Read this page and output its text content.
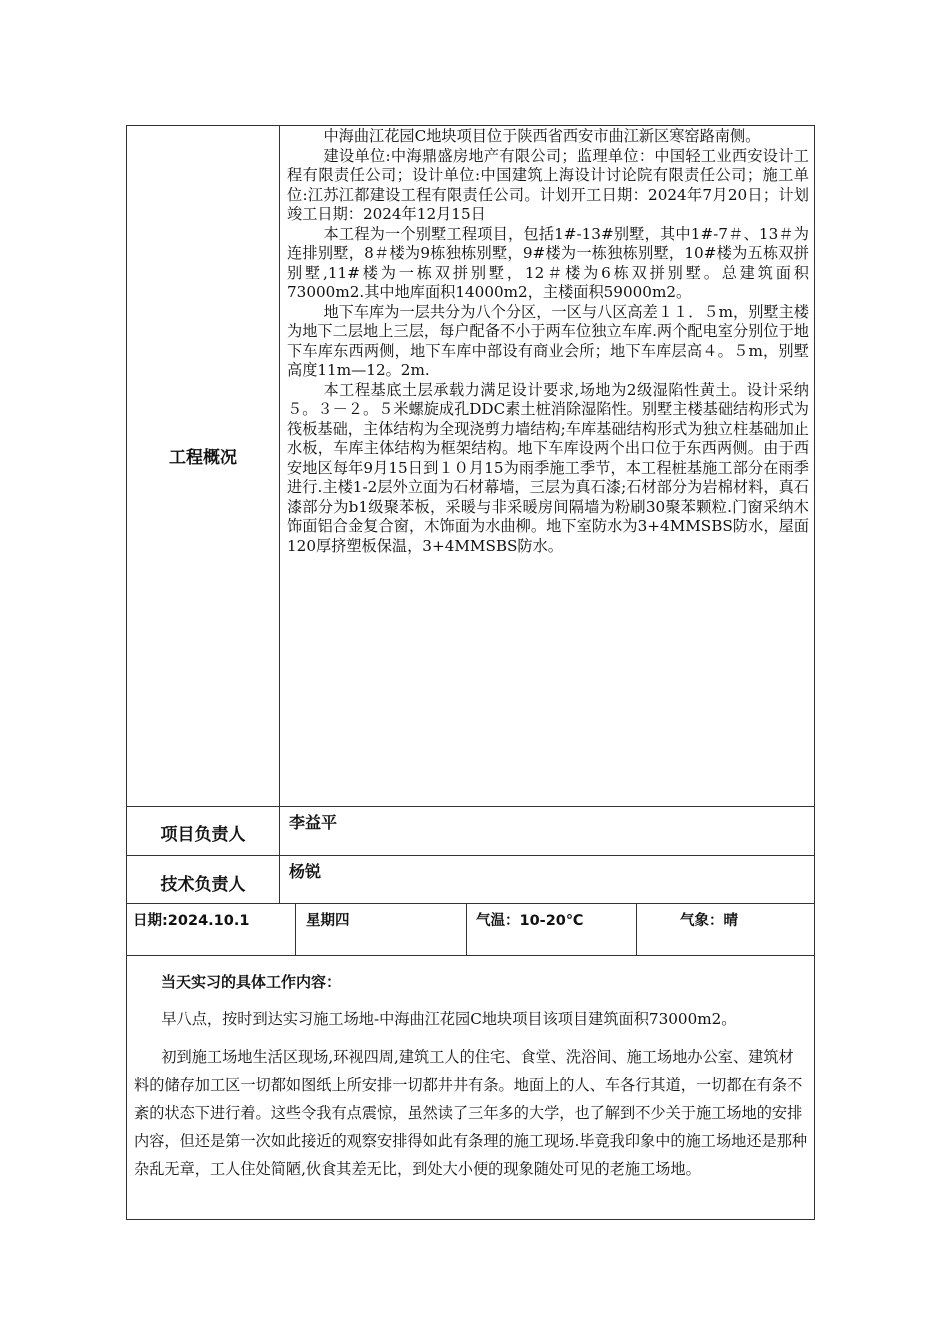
工程概况

中海曲江花园C地块项目位于陕西省西安市曲江新区寒窑路南侧。

建设单位:中海鼎盛房地产有限公司；监理单位：中国轻工业西安设计工程有限责任公司；设计单位:中国建筑上海设计讨论院有限责任公司；施工单位:江苏江都建设工程有限责任公司。计划开工日期：2024年7月20日；计划竣工日期：2024年12月15日

本工程为一个别墅工程项目，包括1#-13#别墅，其中1#-7＃、13＃为连排别墅，8＃楼为9栋独栋别墅，9#楼为一栋独栋别墅，10#楼为五栋双拼别墅,11#楼为一栋双拼别墅，12＃楼为6栋双拼别墅。总建筑面积73000m2.其中地库面积14000m2，主楼面积59000m2。

地下车库为一层共分为八个分区，一区与八区高差１１．５m，别墅主楼为地下二层地上三层，每户配备不小于两车位独立车库.两个配电室分别位于地下车库东西两侧，地下车库中部设有商业会所；地下车库层高４。５m，别墅高度11m—12。2m.

本工程基底土层承载力满足设计要求,场地为2级湿陷性黄土。设计采纳５。３－２。５米螺旋成孔DDC素土桩消除湿陷性。别墅主楼基础结构形式为筏板基础，主体结构为全现浇剪力墙结构;车库基础结构形式为独立柱基础加止水板，车库主体结构为框架结构。地下车库设两个出口位于东西两侧。由于西安地区每年9月15日到１０月15为雨季施工季节，本工程桩基施工部分在雨季进行.主楼1-2层外立面为石材幕墙，三层为真石漆;石材部分为岩棉材料，真石漆部分为b1级聚苯板，采暖与非采暖房间隔墙为粉刷30聚苯颗粒.门窗采纳木饰面铝合金复合窗，木饰面为水曲柳。地下室防水为3+4MMSBS防水，屋面120厚挤塑板保温，3+4MMSBS防水。

项目负责人
李益平
技术负责人
杨锐
日期:2024.10.1	星期四	气温：10-20℃	气象：晴
当天实习的具体工作内容：

早八点，按时到达实习施工场地-中海曲江花园C地块项目该项目建筑面积73000m2。

初到施工场地生活区现场,环视四周,建筑工人的住宅、食堂、洗浴间、施工场地办公室、建筑材料的储存加工区一切都如图纸上所安排一切都井井有条。地面上的人、车各行其道，一切都在有条不紊的状态下进行着。这些令我有点震惊，虽然读了三年多的大学，也了解到不少关于施工场地的安排内容，但还是第一次如此接近的观察安排得如此有条理的施工现场.毕竟我印象中的施工场地还是那种杂乱无章，工人住处简陋,伙食其差无比，到处大小便的现象随处可见的老施工场地。
